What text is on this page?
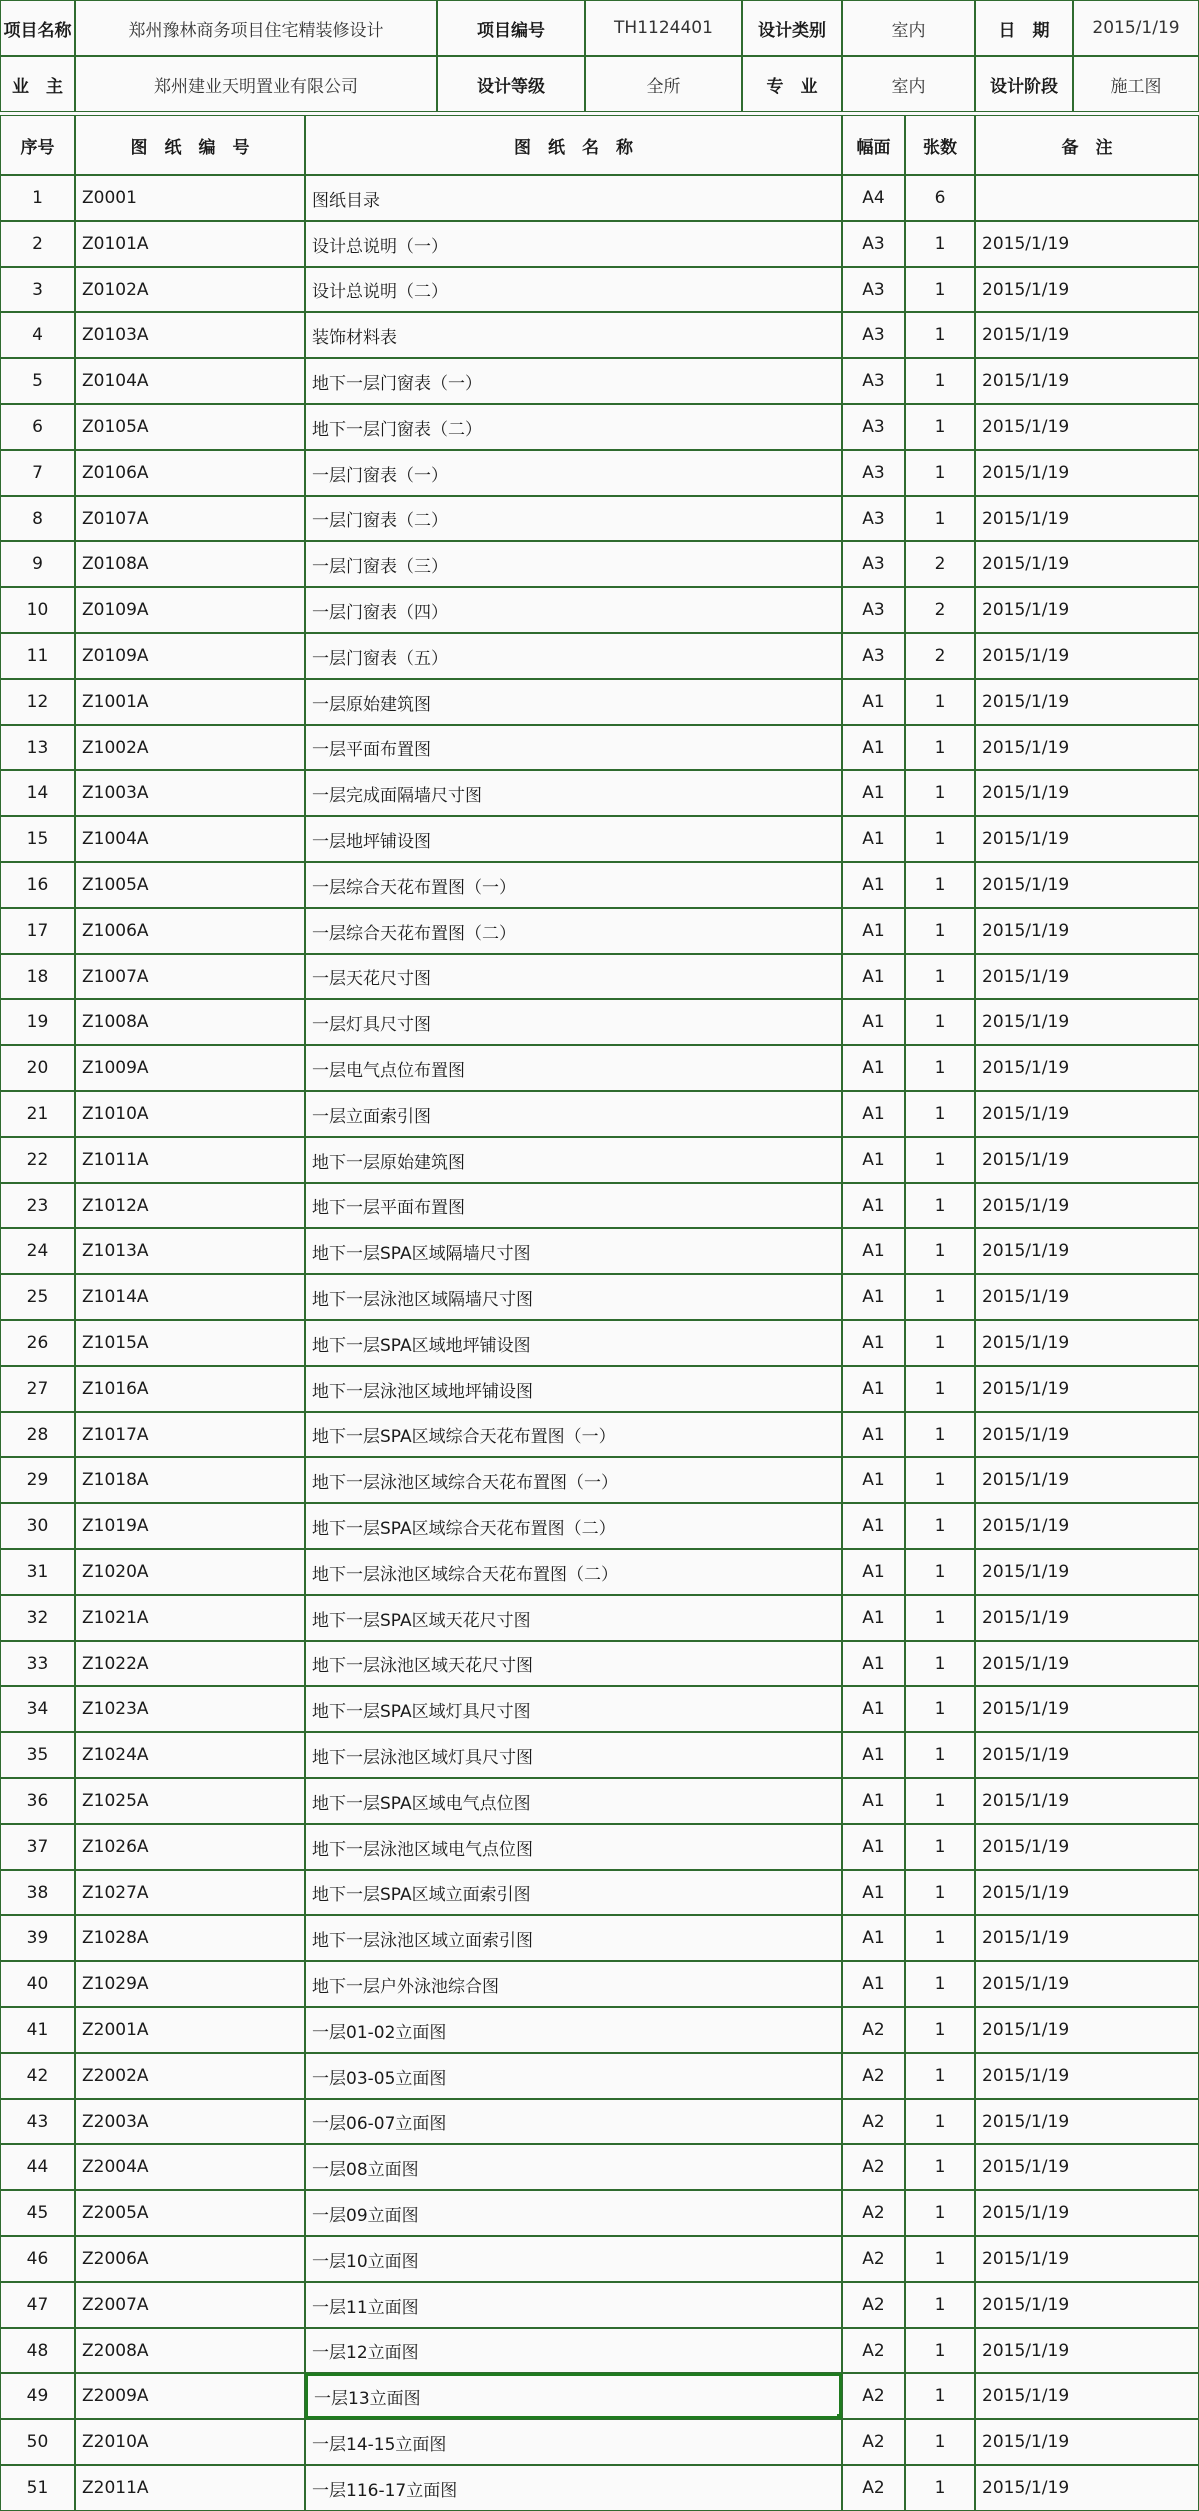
项目名称	郑州豫林商务项目住宅精装修设计	项目编号	TH1124401	设计类别	室内	日　期	2015/1/19
业　主	郑州建业天明置业有限公司	设计等级	全所	专　业	室内	设计阶段	施工图
序号	图　纸　编　号	图　纸　名　称	幅面	张数	备　注
1	Z0001	图纸目录	A4	6
2	Z0101A	设计总说明（一）	A3	1	2015/1/19
3	Z0102A	设计总说明（二）	A3	1	2015/1/19
4	Z0103A	装饰材料表	A3	1	2015/1/19
5	Z0104A	地下一层门窗表（一）	A3	1	2015/1/19
6	Z0105A	地下一层门窗表（二）	A3	1	2015/1/19
7	Z0106A	一层门窗表（一）	A3	1	2015/1/19
8	Z0107A	一层门窗表（二）	A3	1	2015/1/19
9	Z0108A	一层门窗表（三）	A3	2	2015/1/19
10	Z0109A	一层门窗表（四）	A3	2	2015/1/19
11	Z0109A	一层门窗表（五）	A3	2	2015/1/19
12	Z1001A	一层原始建筑图	A1	1	2015/1/19
13	Z1002A	一层平面布置图	A1	1	2015/1/19
14	Z1003A	一层完成面隔墙尺寸图	A1	1	2015/1/19
15	Z1004A	一层地坪铺设图	A1	1	2015/1/19
16	Z1005A	一层综合天花布置图（一）	A1	1	2015/1/19
17	Z1006A	一层综合天花布置图（二）	A1	1	2015/1/19
18	Z1007A	一层天花尺寸图	A1	1	2015/1/19
19	Z1008A	一层灯具尺寸图	A1	1	2015/1/19
20	Z1009A	一层电气点位布置图	A1	1	2015/1/19
21	Z1010A	一层立面索引图	A1	1	2015/1/19
22	Z1011A	地下一层原始建筑图	A1	1	2015/1/19
23	Z1012A	地下一层平面布置图	A1	1	2015/1/19
24	Z1013A	地下一层SPA区域隔墙尺寸图	A1	1	2015/1/19
25	Z1014A	地下一层泳池区域隔墙尺寸图	A1	1	2015/1/19
26	Z1015A	地下一层SPA区域地坪铺设图	A1	1	2015/1/19
27	Z1016A	地下一层泳池区域地坪铺设图	A1	1	2015/1/19
28	Z1017A	地下一层SPA区域综合天花布置图（一）	A1	1	2015/1/19
29	Z1018A	地下一层泳池区域综合天花布置图（一）	A1	1	2015/1/19
30	Z1019A	地下一层SPA区域综合天花布置图（二）	A1	1	2015/1/19
31	Z1020A	地下一层泳池区域综合天花布置图（二）	A1	1	2015/1/19
32	Z1021A	地下一层SPA区域天花尺寸图	A1	1	2015/1/19
33	Z1022A	地下一层泳池区域天花尺寸图	A1	1	2015/1/19
34	Z1023A	地下一层SPA区域灯具尺寸图	A1	1	2015/1/19
35	Z1024A	地下一层泳池区域灯具尺寸图	A1	1	2015/1/19
36	Z1025A	地下一层SPA区域电气点位图	A1	1	2015/1/19
37	Z1026A	地下一层泳池区域电气点位图	A1	1	2015/1/19
38	Z1027A	地下一层SPA区域立面索引图	A1	1	2015/1/19
39	Z1028A	地下一层泳池区域立面索引图	A1	1	2015/1/19
40	Z1029A	地下一层户外泳池综合图	A1	1	2015/1/19
41	Z2001A	一层01-02立面图	A2	1	2015/1/19
42	Z2002A	一层03-05立面图	A2	1	2015/1/19
43	Z2003A	一层06-07立面图	A2	1	2015/1/19
44	Z2004A	一层08立面图	A2	1	2015/1/19
45	Z2005A	一层09立面图	A2	1	2015/1/19
46	Z2006A	一层10立面图	A2	1	2015/1/19
47	Z2007A	一层11立面图	A2	1	2015/1/19
48	Z2008A	一层12立面图	A2	1	2015/1/19
49	Z2009A	一层13立面图	A2	1	2015/1/19
50	Z2010A	一层14-15立面图	A2	1	2015/1/19
51	Z2011A	一层116-17立面图	A2	1	2015/1/19
